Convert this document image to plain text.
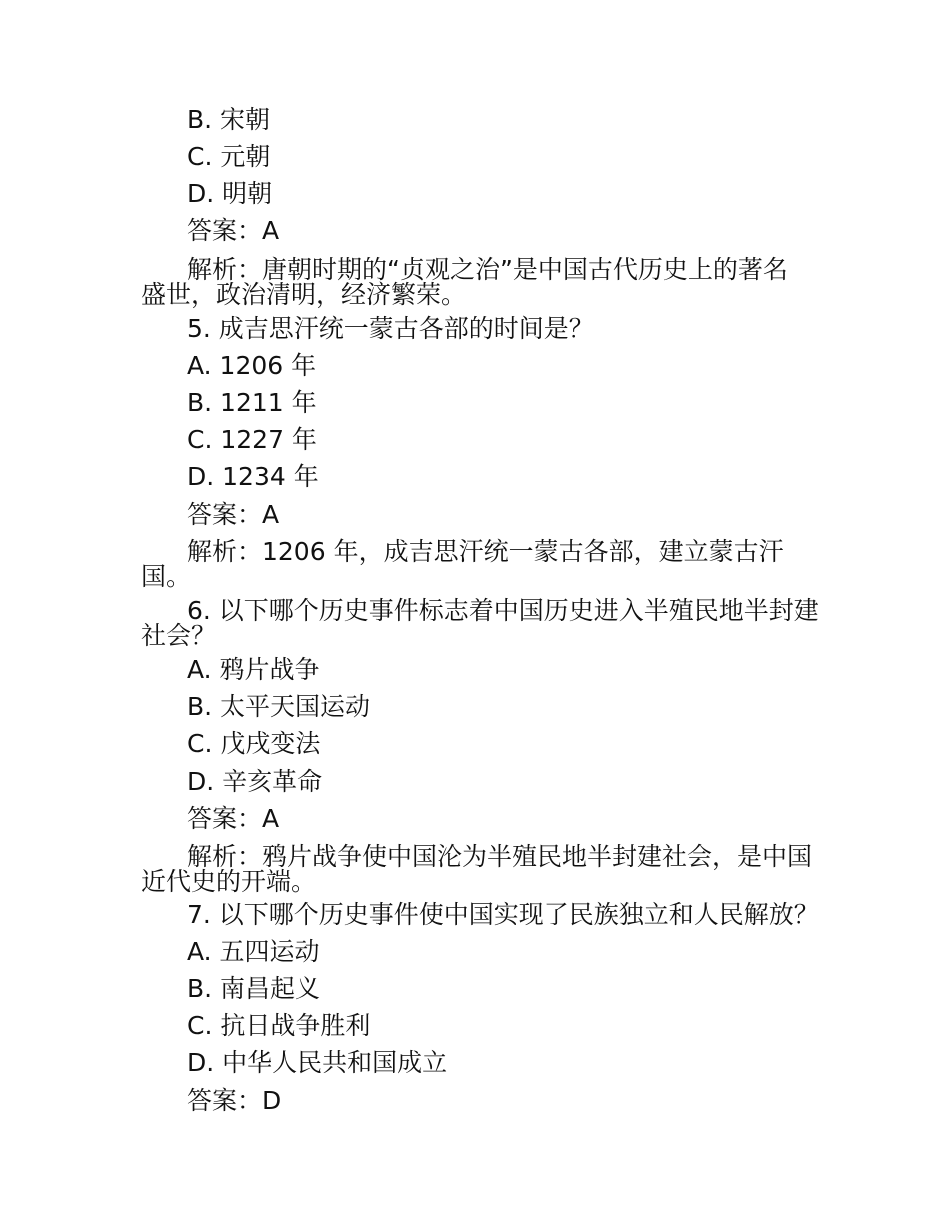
B. 宋朝
C. 元朝
D. 明朝
答案：A
解析：唐朝时期的“贞观之治”是中国古代历史上的著名
盛世，政治清明，经济繁荣。
5. 成吉思汗统一蒙古各部的时间是？
A. 1206 年
B. 1211 年
C. 1227 年
D. 1234 年
答案：A
解析：1206 年，成吉思汗统一蒙古各部，建立蒙古汗
国。
6. 以下哪个历史事件标志着中国历史进入半殖民地半封建
社会？
A. 鸦片战争
B. 太平天国运动
C. 戊戌变法
D. 辛亥革命
答案：A
解析：鸦片战争使中国沦为半殖民地半封建社会，是中国
近代史的开端。
7. 以下哪个历史事件使中国实现了民族独立和人民解放？
A. 五四运动
B. 南昌起义
C. 抗日战争胜利
D. 中华人民共和国成立
答案：D
